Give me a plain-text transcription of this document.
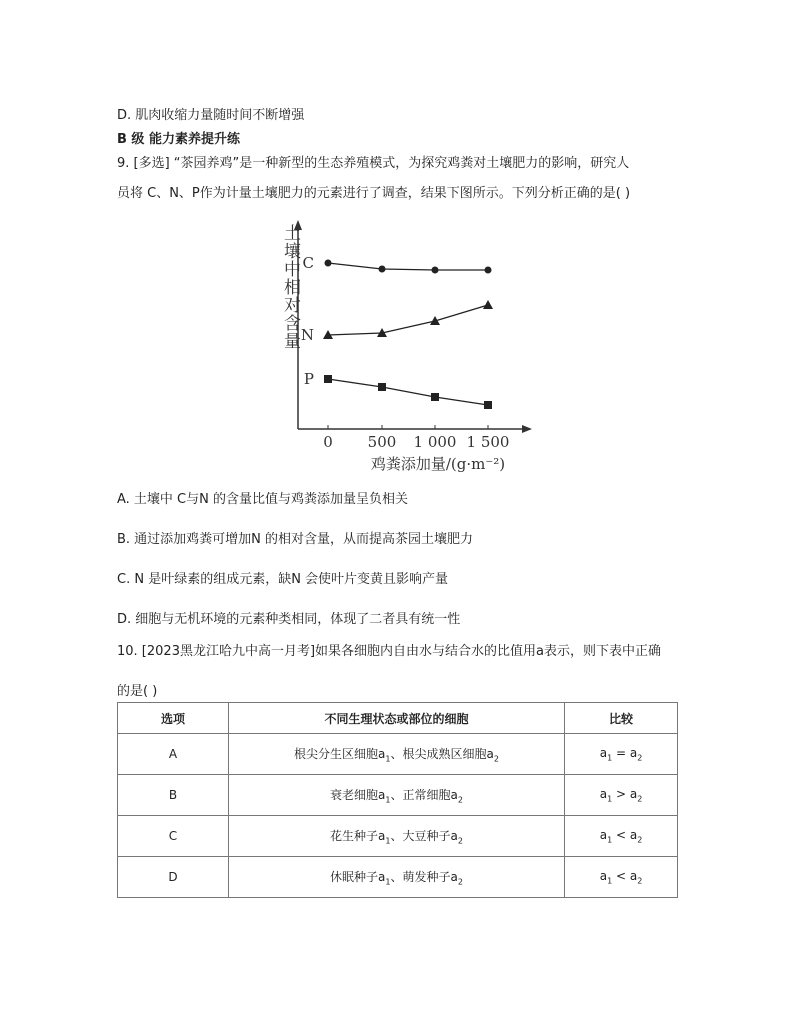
D. 肌肉收缩力量随时间不断增强
B 级 能力素养提升练
9. [多选] “茶园养鸡”是一种新型的生态养殖模式，为探究鸡粪对土壤肥力的影响，研究人
员将 C、N、P作为计量土壤肥力的元素进行了调查，结果下图所示。下列分析正确的是( )
土壤中相对含量
0 500 1 000 1 500
鸡粪添加量/(g·m⁻²)
C
N
P
A. 土壤中 C与N 的含量比值与鸡粪添加量呈负相关
B. 通过添加鸡粪可增加N 的相对含量，从而提高茶园土壤肥力
C. N 是叶绿素的组成元素，缺N 会使叶片变黄且影响产量
D. 细胞与无机环境的元素种类相同，体现了二者具有统一性
10. [2023黑龙江哈九中高一月考]如果各细胞内自由水与结合水的比值用a表示，则下表中正确
的是( )
选项	不同生理状态或部位的细胞	比较
A	根尖分生区细胞$a_1$、根尖成熟区细胞$a_2$	$a_1 = a_2$
B	衰老细胞$a_1$、正常细胞$a_2$	$a_1 > a_2$
C	花生种子$a_1$、大豆种子$a_2$	$a_1 < a_2$
D	休眠种子$a_1$、萌发种子$a_2$	$a_1 < a_2$
